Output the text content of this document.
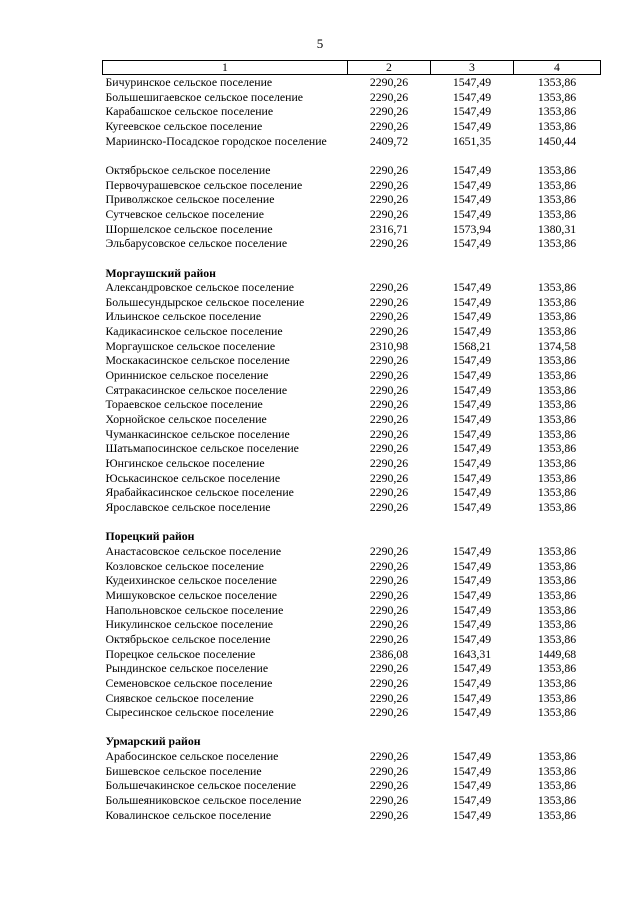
5
1	2	3	4
Бичуринское сельское поселение	2290,26	1547,49	1353,86
Большешигаевское сельское поселение	2290,26	1547,49	1353,86
Карабашское сельское поселение	2290,26	1547,49	1353,86
Кугеевское сельское поселение	2290,26	1547,49	1353,86
Мариинско-Посадское городское поселение	2409,72	1651,35	1450,44
Октябрьское сельское поселение	2290,26	1547,49	1353,86
Первочурашевское сельское поселение	2290,26	1547,49	1353,86
Приволжское сельское поселение	2290,26	1547,49	1353,86
Сутчевское сельское поселение	2290,26	1547,49	1353,86
Шоршелское сельское поселение	2316,71	1573,94	1380,31
Эльбарусовское сельское поселение	2290,26	1547,49	1353,86

Моргаушский район			
Александровское сельское поселение	2290,26	1547,49	1353,86
Большесундырское сельское поселение	2290,26	1547,49	1353,86
Ильинское сельское поселение	2290,26	1547,49	1353,86
Кадикасинское сельское поселение	2290,26	1547,49	1353,86
Моргаушское сельское поселение	2310,98	1568,21	1374,58
Москакасинское сельское поселение	2290,26	1547,49	1353,86
Оринниское сельское поселение	2290,26	1547,49	1353,86
Сятракасинское сельское поселение	2290,26	1547,49	1353,86
Тораевское сельское поселение	2290,26	1547,49	1353,86
Хорнойское сельское поселение	2290,26	1547,49	1353,86
Чуманкасинское сельское поселение	2290,26	1547,49	1353,86
Шатьмапосинское сельское поселение	2290,26	1547,49	1353,86
Юнгинское сельское поселение	2290,26	1547,49	1353,86
Юськасинское сельское поселение	2290,26	1547,49	1353,86
Ярабайкасинское сельское поселение	2290,26	1547,49	1353,86
Ярославское сельское поселение	2290,26	1547,49	1353,86

Порецкий район			
Анастасовское сельское поселение	2290,26	1547,49	1353,86
Козловское сельское поселение	2290,26	1547,49	1353,86
Кудеихинское сельское поселение	2290,26	1547,49	1353,86
Мишуковское сельское поселение	2290,26	1547,49	1353,86
Напольновское сельское поселение	2290,26	1547,49	1353,86
Никулинское сельское поселение	2290,26	1547,49	1353,86
Октябрьское сельское поселение	2290,26	1547,49	1353,86
Порецкое сельское поселение	2386,08	1643,31	1449,68
Рындинское сельское поселение	2290,26	1547,49	1353,86
Семеновское сельское поселение	2290,26	1547,49	1353,86
Сиявское сельское поселение	2290,26	1547,49	1353,86
Сыресинское сельское поселение	2290,26	1547,49	1353,86

Урмарский район			
Арабосинское сельское поселение	2290,26	1547,49	1353,86
Бишевское сельское поселение	2290,26	1547,49	1353,86
Большечакинское сельское поселение	2290,26	1547,49	1353,86
Большеяниковское сельское поселение	2290,26	1547,49	1353,86
Ковалинское сельское поселение	2290,26	1547,49	1353,86
